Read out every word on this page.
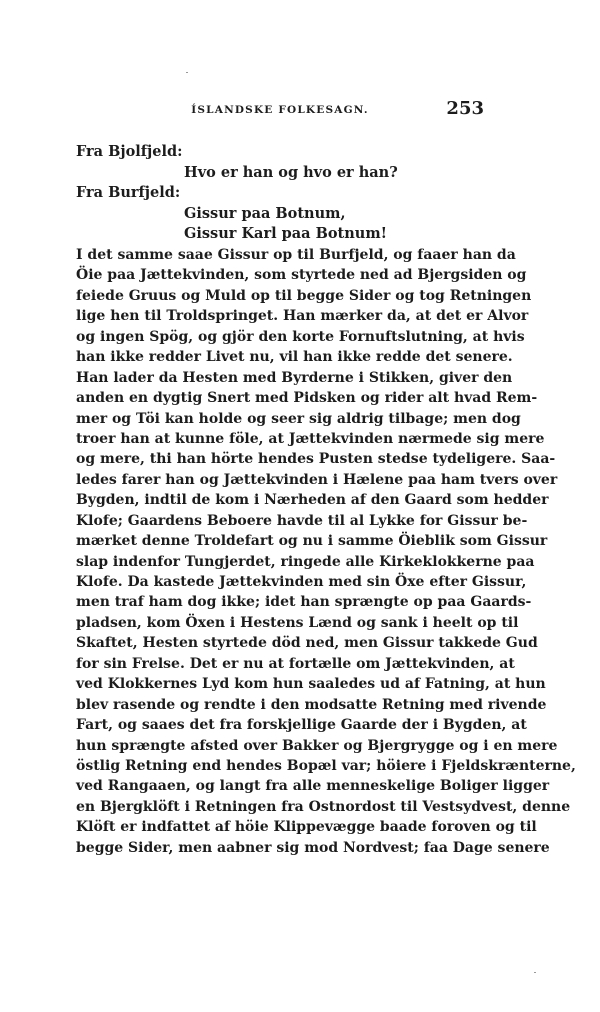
ÍSLANDSKE FOLKESAGN.	253
Fra Bjolfjeld:
Hvo er han og hvo er han?
Fra Burfjeld:
Gissur paa Botnum,
Gissur Karl paa Botnum!
I det samme saae Gissur op til Burfjeld, og faaer han da
Öie paa Jættekvinden, som styrtede ned ad Bjergsiden og
feiede Gruus og Muld op til begge Sider og tog Retningen
lige hen til Troldspringet. Han mærker da, at det er Alvor
og ingen Spög, og gjör den korte Fornuftslutning, at hvis
han ikke redder Livet nu, vil han ikke redde det senere.
Han lader da Hesten med Byrderne i Stikken, giver den
anden en dygtig Snert med Pidsken og rider alt hvad Rem-
mer og Töi kan holde og seer sig aldrig tilbage; men dog
troer han at kunne föle, at Jættekvinden nærmede sig mere
og mere, thi han hörte hendes Pusten stedse tydeligere. Saa-
ledes farer han og Jættekvinden i Hælene paa ham tvers over
Bygden, indtil de kom i Nærheden af den Gaard som hedder
Klofe; Gaardens Beboere havde til al Lykke for Gissur be-
mærket denne Troldefart og nu i samme Öieblik som Gissur
slap indenfor Tungjerdet, ringede alle Kirkeklokkerne paa
Klofe. Da kastede Jættekvinden med sin Öxe efter Gissur,
men traf ham dog ikke; idet han sprængte op paa Gaards-
pladsen, kom Öxen i Hestens Lænd og sank i heelt op til
Skaftet, Hesten styrtede död ned, men Gissur takkede Gud
for sin Frelse. Det er nu at fortælle om Jættekvinden, at
ved Klokkernes Lyd kom hun saaledes ud af Fatning, at hun
blev rasende og rendte i den modsatte Retning med rivende
Fart, og saaes det fra forskjellige Gaarde der i Bygden, at
hun sprængte afsted over Bakker og Bjergrygge og i en mere
östlig Retning end hendes Bopæl var; höiere i Fjeldskrænterne,
ved Rangaaen, og langt fra alle menneskelige Boliger ligger
en Bjergklöft i Retningen fra Ostnordost til Vestsydvest, denne
Klöft er indfattet af höie Klippevægge baade foroven og til
begge Sider, men aabner sig mod Nordvest; faa Dage senere
